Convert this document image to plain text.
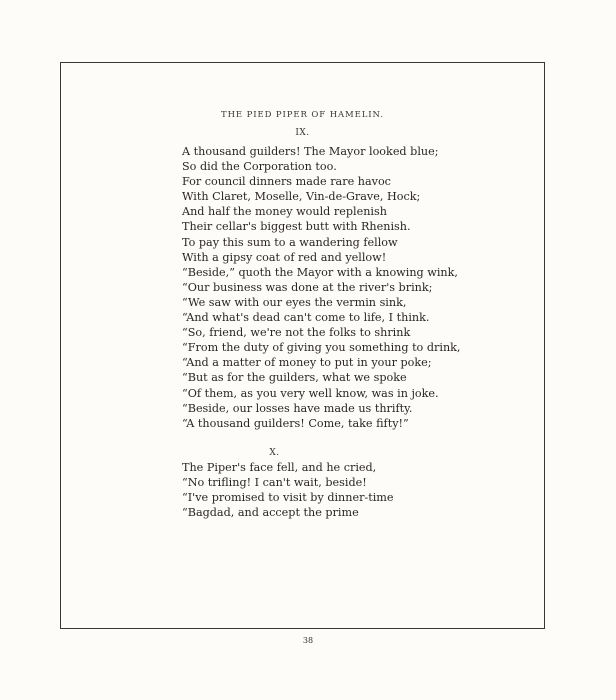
THE PIED PIPER OF HAMELIN.
IX.
A thousand guilders! The Mayor looked blue;
So did the Corporation too.
For council dinners made rare havoc
With Claret, Moselle, Vin-de-Grave, Hock;
And half the money would replenish
Their cellar's biggest butt with Rhenish.
To pay this sum to a wandering fellow
With a gipsy coat of red and yellow!
“Beside,” quoth the Mayor with a knowing wink,
“Our business was done at the river's brink;
“We saw with our eyes the vermin sink,
“And what's dead can't come to life, I think.
“So, friend, we're not the folks to shrink
“From the duty of giving you something to drink,
“And a matter of money to put in your poke;
“But as for the guilders, what we spoke
“Of them, as you very well know, was in joke.
“Beside, our losses have made us thrifty.
“A thousand guilders! Come, take fifty!”
X.
The Piper's face fell, and he cried,
“No trifling! I can't wait, beside!
“I've promised to visit by dinner-time
“Bagdad, and accept the prime
38
